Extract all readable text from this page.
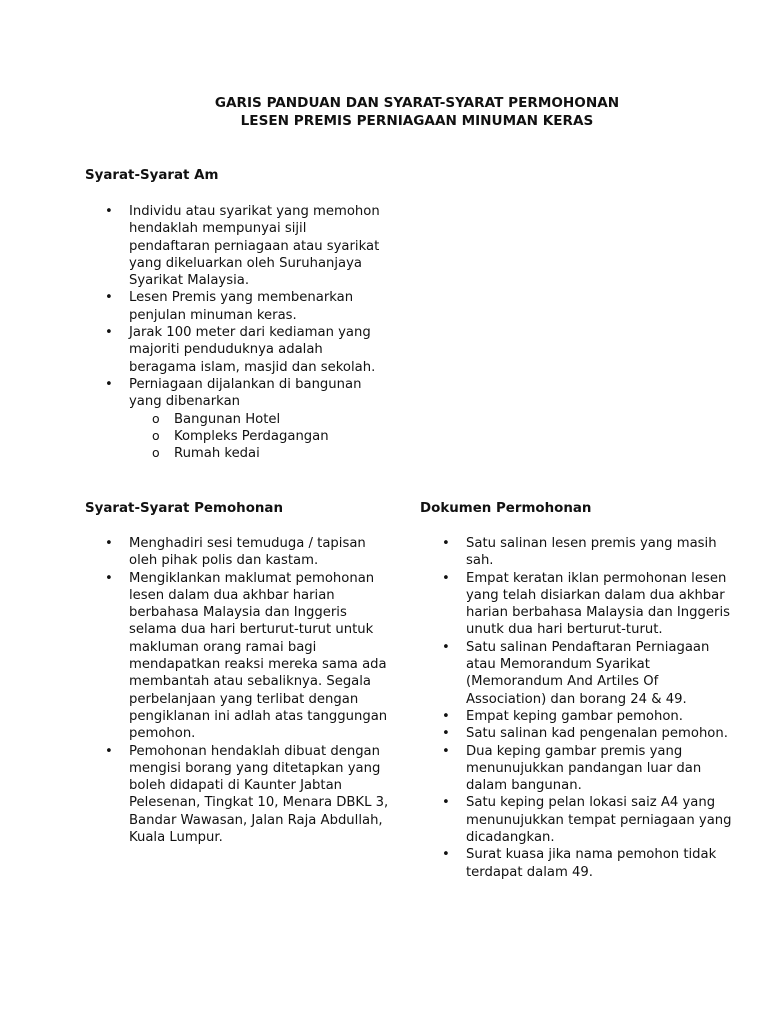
GARIS PANDUAN DAN SYARAT-SYARAT PERMOHONAN
LESEN PREMIS PERNIAGAAN MINUMAN KERAS
Syarat-Syarat Am
• Individu atau syarikat yang memohon hendaklah mempunyai sijil pendaftaran perniagaan atau syarikat yang dikeluarkan oleh Suruhanjaya Syarikat Malaysia.
• Lesen Premis yang membenarkan penjulan minuman keras.
• Jarak 100 meter dari kediaman yang majoriti penduduknya adalah beragama islam, masjid dan sekolah.
• Perniagaan dijalankan di bangunan yang dibenarkan
o Bangunan Hotel
o Kompleks Perdagangan
o Rumah kedai
Syarat-Syarat Pemohonan
• Menghadiri sesi temuduga / tapisan oleh pihak polis dan kastam.
• Mengiklankan maklumat pemohonan lesen dalam dua akhbar harian berbahasa Malaysia dan Inggeris selama dua hari berturut-turut untuk makluman orang ramai bagi mendapatkan reaksi mereka sama ada membantah atau sebaliknya. Segala perbelanjaan yang terlibat dengan pengiklanan ini adlah atas tanggungan pemohon.
• Pemohonan hendaklah dibuat dengan mengisi borang yang ditetapkan yang boleh didapati di Kaunter Jabtan Pelesenan, Tingkat 10, Menara DBKL 3, Bandar Wawasan, Jalan Raja Abdullah, Kuala Lumpur.
Dokumen Permohonan
• Satu salinan lesen premis yang masih sah.
• Empat keratan iklan permohonan lesen yang telah disiarkan dalam dua akhbar harian berbahasa Malaysia dan Inggeris unutk dua hari berturut-turut.
• Satu salinan Pendaftaran Perniagaan atau Memorandum Syarikat (Memorandum And Artiles Of Association) dan borang 24 & 49.
• Empat keping gambar pemohon.
• Satu salinan kad pengenalan pemohon.
• Dua keping gambar premis yang menunujukkan pandangan luar dan dalam bangunan.
• Satu keping pelan lokasi saiz A4 yang menunujukkan tempat perniagaan yang dicadangkan.
• Surat kuasa jika nama pemohon tidak terdapat dalam 49.
